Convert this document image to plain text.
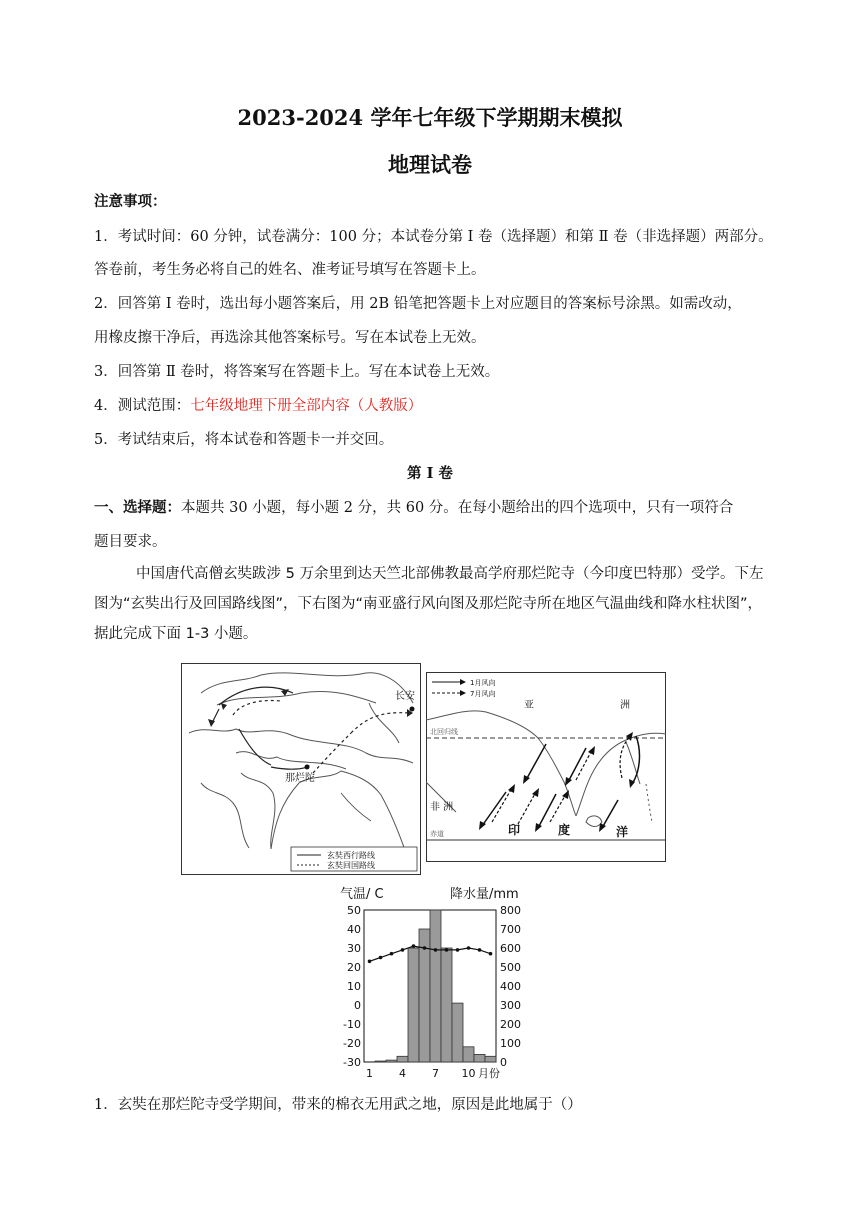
2023-2024 学年七年级下学期期末模拟
地理试卷
注意事项：
1．考试时间：60 分钟，试卷满分：100 分；本试卷分第 Ⅰ 卷（选择题）和第 Ⅱ 卷（非选择题）两部分。
答卷前，考生务必将自己的姓名、准考证号填写在答题卡上。
2．回答第 Ⅰ 卷时，选出每小题答案后，用 2B 铅笔把答题卡上对应题目的答案标号涂黑。如需改动，
用橡皮擦干净后，再选涂其他答案标号。写在本试卷上无效。
3．回答第 Ⅱ 卷时，将答案写在答题卡上。写在本试卷上无效。
4．测试范围：七年级地理下册全部内容（人教版）
5．考试结束后，将本试卷和答题卡一并交回。
第 Ⅰ 卷
一、选择题：本题共 30 小题，每小题 2 分，共 60 分。在每小题给出的四个选项中，只有一项符合
题目要求。
中国唐代高僧玄奘跋涉 5 万余里到达天竺北部佛教最高学府那烂陀寺（今印度巴特那）受学。下左图为“玄奘出行及回国路线图”，下右图为“南亚盛行风向图及那烂陀寺所在地区气温曲线和降水柱状图”，据此完成下面 1-3 小题。
长安
那烂陀
玄奘西行路线
玄奘回国路线
1月风向
7月风向
北回归线
赤道
亚	洲
非 洲
印	度	洋
气温/ C	降水量/mm
50
40
30
20
10
0
-10
-20
-30
800
700
600
500
400
300
200
100
0
1 4 7 10 月份
1．玄奘在那烂陀寺受学期间，带来的棉衣无用武之地，原因是此地属于（）
